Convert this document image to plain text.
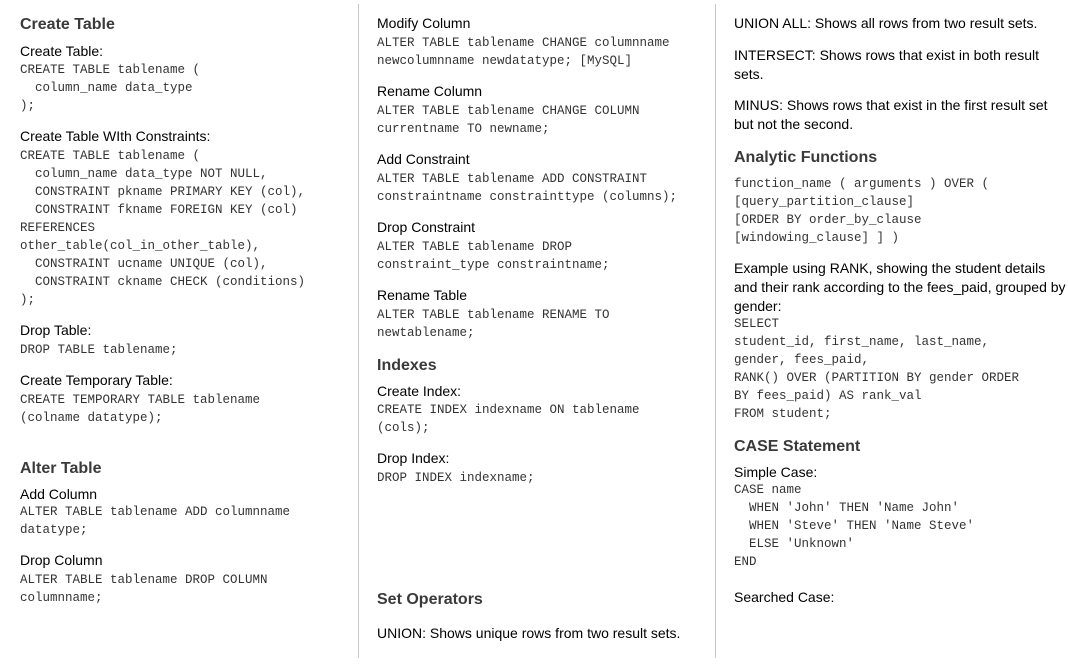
Create Table
Create Table:
CREATE TABLE tablename (
column_name data_type
);
Create Table WIth Constraints:
CREATE TABLE tablename (
column_name data_type NOT NULL,
CONSTRAINT pkname PRIMARY KEY (col),
CONSTRAINT fkname FOREIGN KEY (col)
REFERENCES
other_table(col_in_other_table),
CONSTRAINT ucname UNIQUE (col),
CONSTRAINT ckname CHECK (conditions)
);
Drop Table:
DROP TABLE tablename;
Create Temporary Table:
CREATE TEMPORARY TABLE tablename
(colname datatype);
Alter Table
Add Column
ALTER TABLE tablename ADD columnname
datatype;
Drop Column
ALTER TABLE tablename DROP COLUMN
columnname;
Modify Column
ALTER TABLE tablename CHANGE columnname
newcolumnname newdatatype; [MySQL]
Rename Column
ALTER TABLE tablename CHANGE COLUMN
currentname TO newname;
Add Constraint
ALTER TABLE tablename ADD CONSTRAINT
constraintname constrainttype (columns);
Drop Constraint
ALTER TABLE tablename DROP
constraint_type constraintname;
Rename Table
ALTER TABLE tablename RENAME TO
newtablename;
Indexes
Create Index:
CREATE INDEX indexname ON tablename
(cols);
Drop Index:
DROP INDEX indexname;
Set Operators
UNION: Shows unique rows from two result sets.
UNION ALL: Shows all rows from two result sets.
INTERSECT: Shows rows that exist in both result
sets.
MINUS: Shows rows that exist in the first result set
but not the second.
Analytic Functions
function_name ( arguments ) OVER (
[query_partition_clause]
[ORDER BY order_by_clause
[windowing_clause] ] )
Example using RANK, showing the student details
and their rank according to the fees_paid, grouped by
gender:
SELECT
student_id, first_name, last_name,
gender, fees_paid,
RANK() OVER (PARTITION BY gender ORDER
BY fees_paid) AS rank_val
FROM student;
CASE Statement
Simple Case:
CASE name
WHEN 'John' THEN 'Name John'
WHEN 'Steve' THEN 'Name Steve'
ELSE 'Unknown'
END
Searched Case:
